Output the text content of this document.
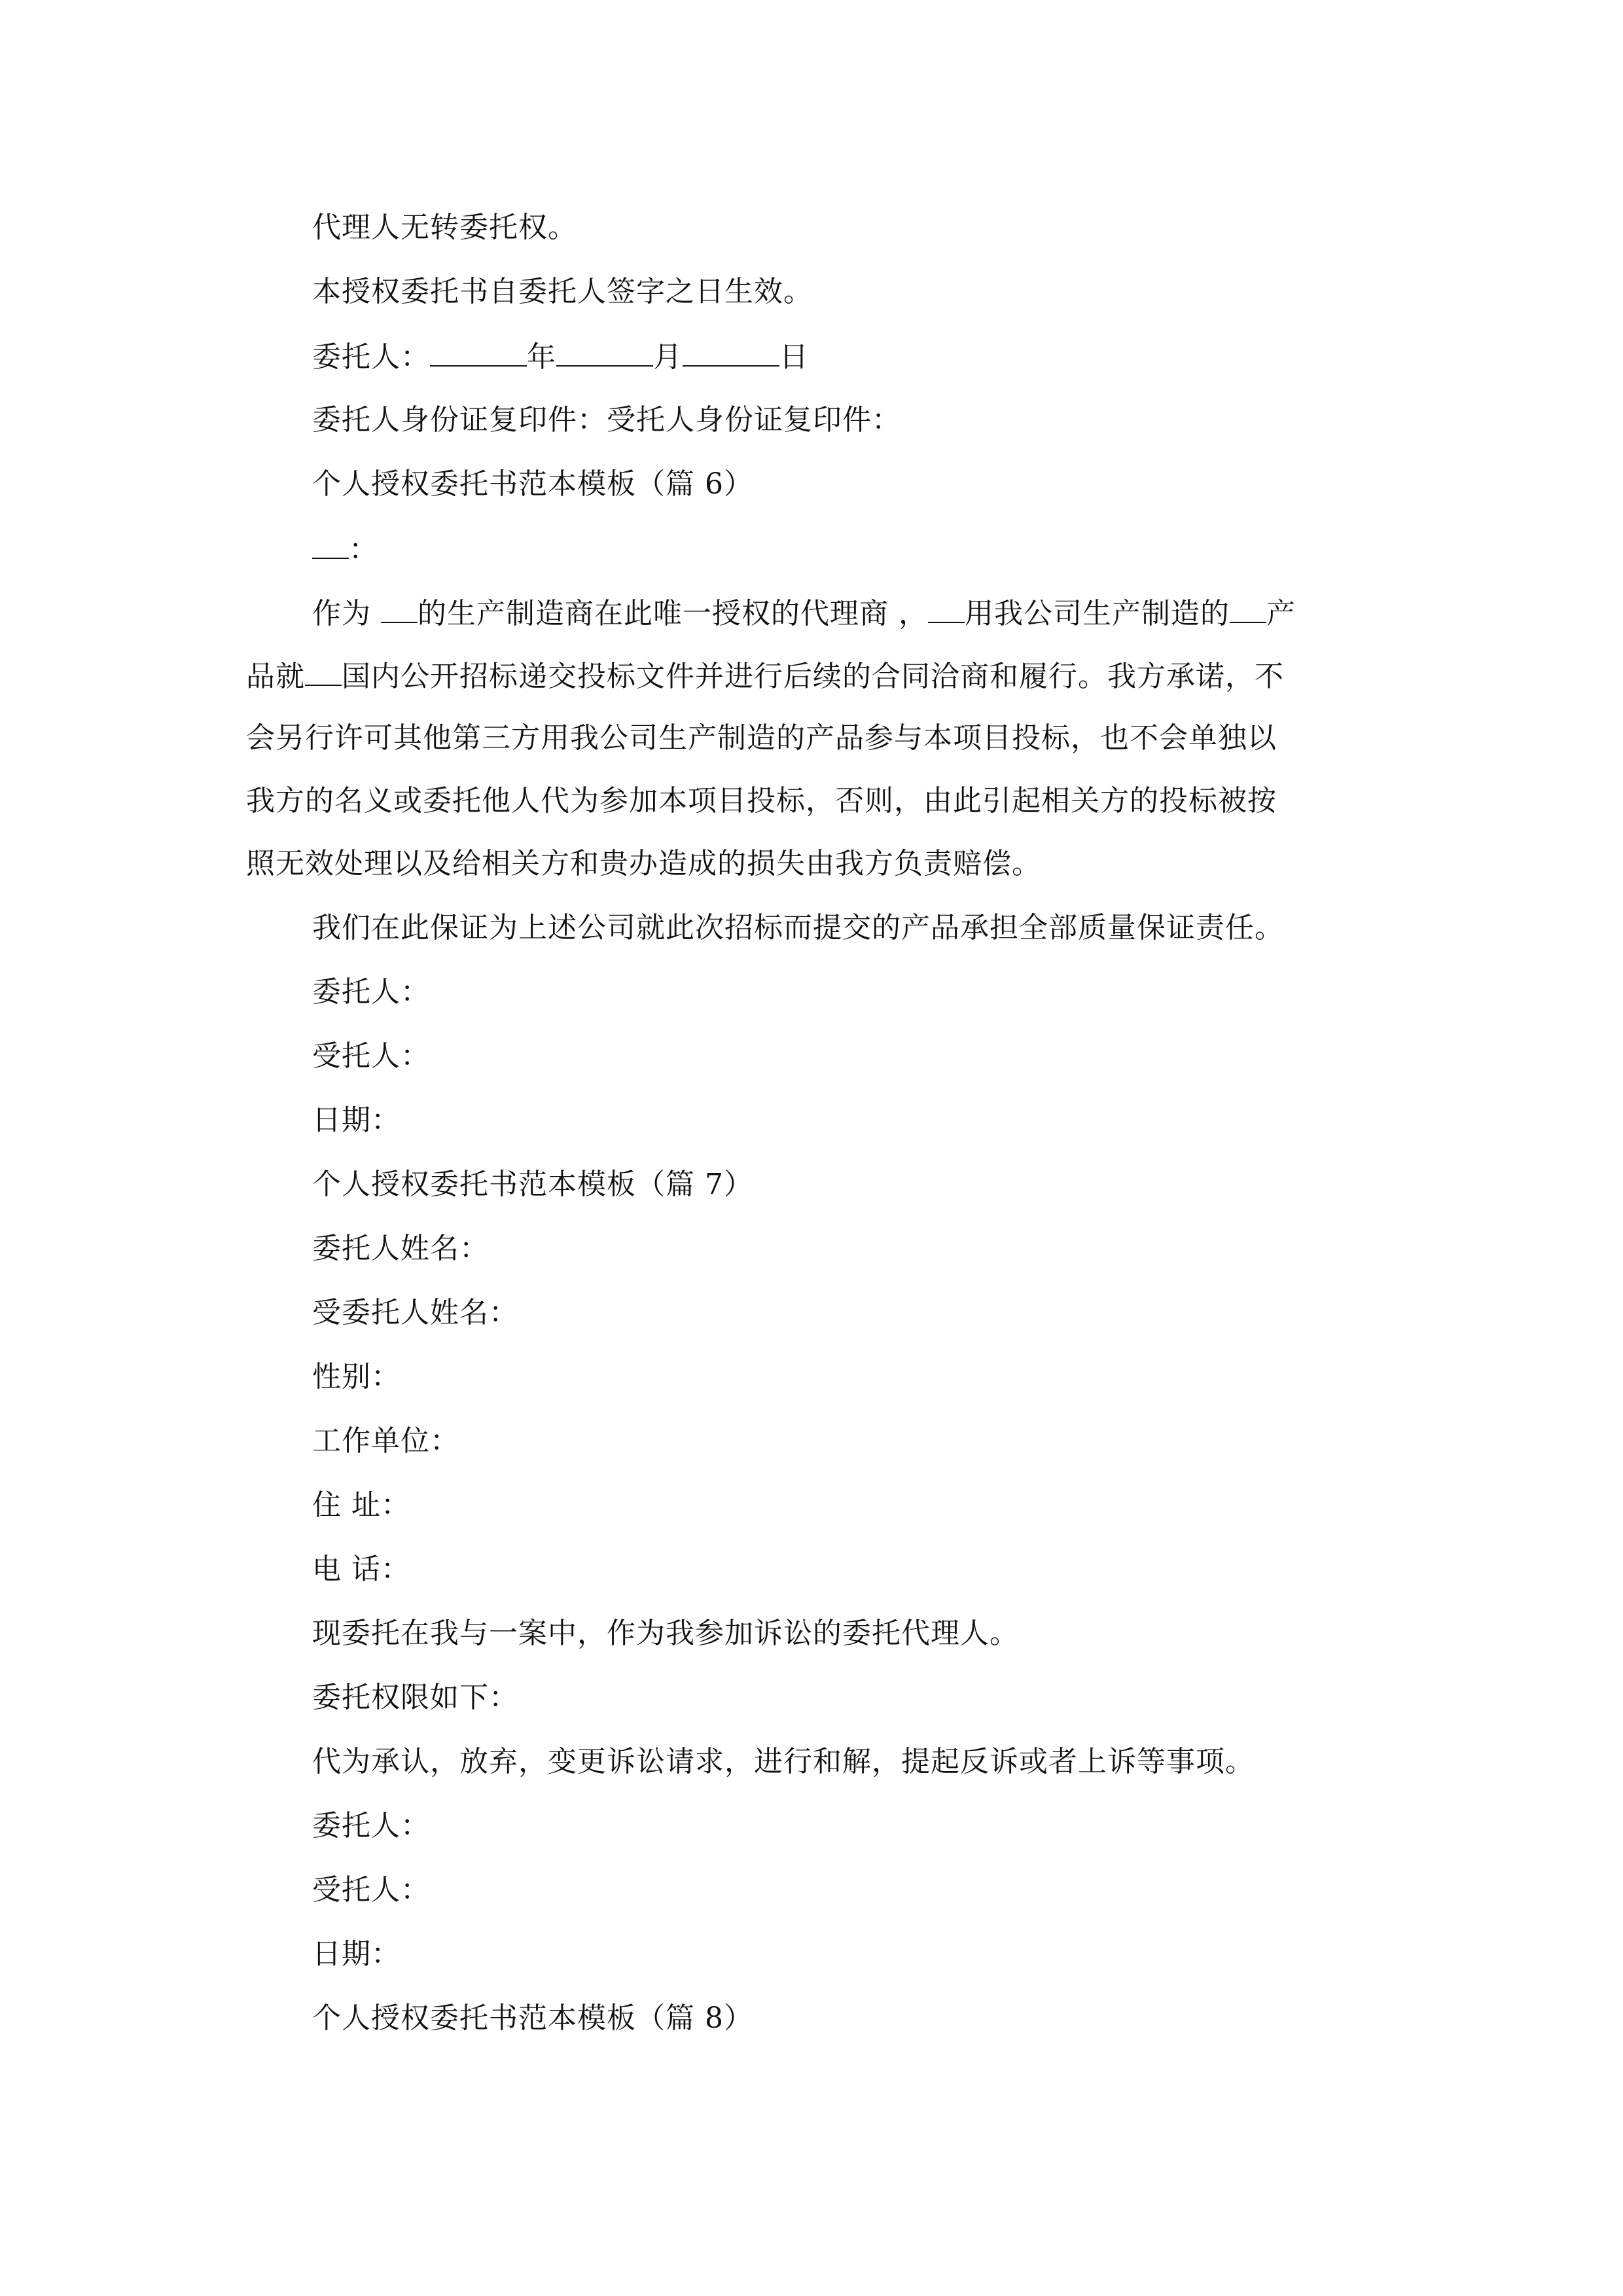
代理人无转委托权。
本授权委托书自委托人签字之日生效。
委托人：	年	月	日
委托人身份证复印件：受托人身份证复印件：
个人授权委托书范本模板（篇 6）
：
作为 的生产制造商在此唯一授权的代理商 ， 用我公司生产制造的 产
品就 国内公开招标递交投标文件并进行后续的合同洽商和履行。我方承诺，不
会另行许可其他第三方用我公司生产制造的产品参与本项目投标，也不会单独以
我方的名义或委托他人代为参加本项目投标，否则，由此引起相关方的投标被按
照无效处理以及给相关方和贵办造成的损失由我方负责赔偿。
我们在此保证为上述公司就此次招标而提交的产品承担全部质量保证责任。
委托人：
受托人：
日期：
个人授权委托书范本模板（篇 7）
委托人姓名：
受委托人姓名：
性别：
工作单位：
住 址：
电 话：
现委托在我与一案中，作为我参加诉讼的委托代理人。
委托权限如下：
代为承认，放弃，变更诉讼请求，进行和解，提起反诉或者上诉等事项。
委托人：
受托人：
日期：
个人授权委托书范本模板（篇 8）
